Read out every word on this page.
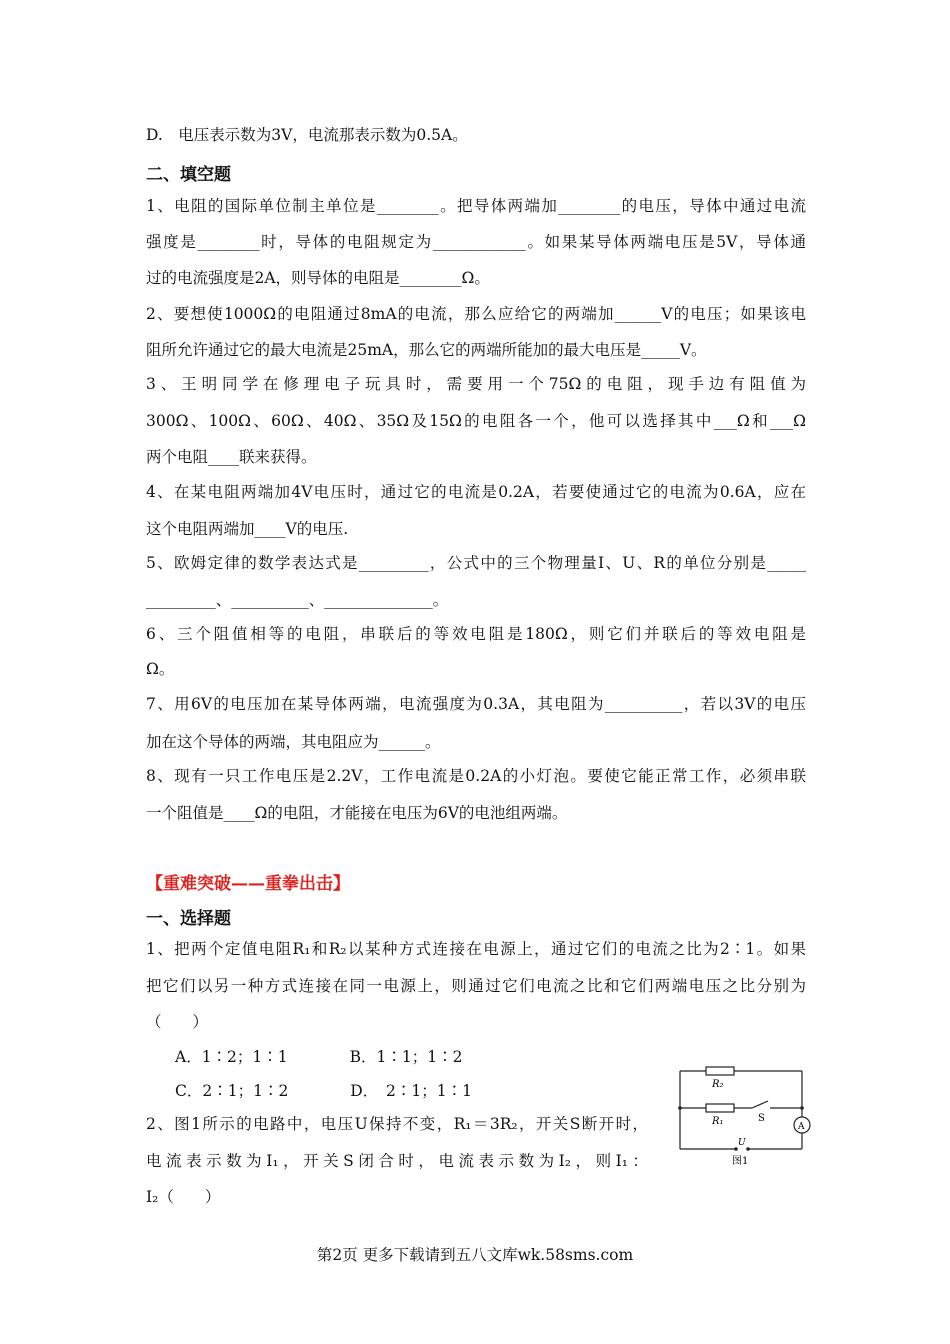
D.　电压表示数为3V，电流那表示数为0.5A。
二、填空题
1、电阻的国际单位制主单位是________。把导体两端加________的电压，导体中通过电流
强度是________时，导体的电阻规定为____________。如果某导体两端电压是5V，导体通
过的电流强度是2A，则导体的电阻是________Ω。
2、要想使1000Ω的电阻通过8mA的电流，那么应给它的两端加______V的电压；如果该电
阻所允许通过它的最大电流是25mA，那么它的两端所能加的最大电压是_____V。
3、王明同学在修理电子玩具时，需要用一个75Ω的电阻，现手边有阻值为
300Ω、100Ω、60Ω、40Ω、35Ω及15Ω的电阻各一个，他可以选择其中___Ω和___Ω
两个电阻____联来获得。
4、在某电阻两端加4V电压时，通过它的电流是0.2A，若要使通过它的电流为0.6A，应在
这个电阻两端加____V的电压.
5、欧姆定律的数学表达式是_________，公式中的三个物理量I、U、R的单位分别是_____
_________、__________、______________。
6、三个阻值相等的电阻，串联后的等效电阻是180Ω，则它们并联后的等效电阻是
Ω。
7、用6V的电压加在某导体两端，电流强度为0.3A，其电阻为__________，若以3V的电压
加在这个导体的两端，其电阻应为______。
8、现有一只工作电压是2.2V，工作电流是0.2A的小灯泡。要使它能正常工作，必须串联
一个阻值是____Ω的电阻，才能接在电压为6V的电池组两端。
【重难突破——重拳出击】
一、选择题
1、把两个定值电阻R₁和R₂以某种方式连接在电源上，通过它们的电流之比为2∶1。如果
把它们以另一种方式连接在同一电源上，则通过它们电流之比和它们两端电压之比分别为
（　　）
A．1∶2；1∶1　　　　B．1∶1；1∶2
C．2∶1；1∶2　　　　D．　2∶1；1∶1
2、图1所示的电路中，电压U保持不变，R₁＝3R₂，开关S断开时，
电流表示数为I₁，开关S闭合时，电流表示数为I₂，则I₁：
I₂（　　）
R₂
R₁	S
A
U
图1
第2页 更多下载请到五八文库wk.58sms.com
